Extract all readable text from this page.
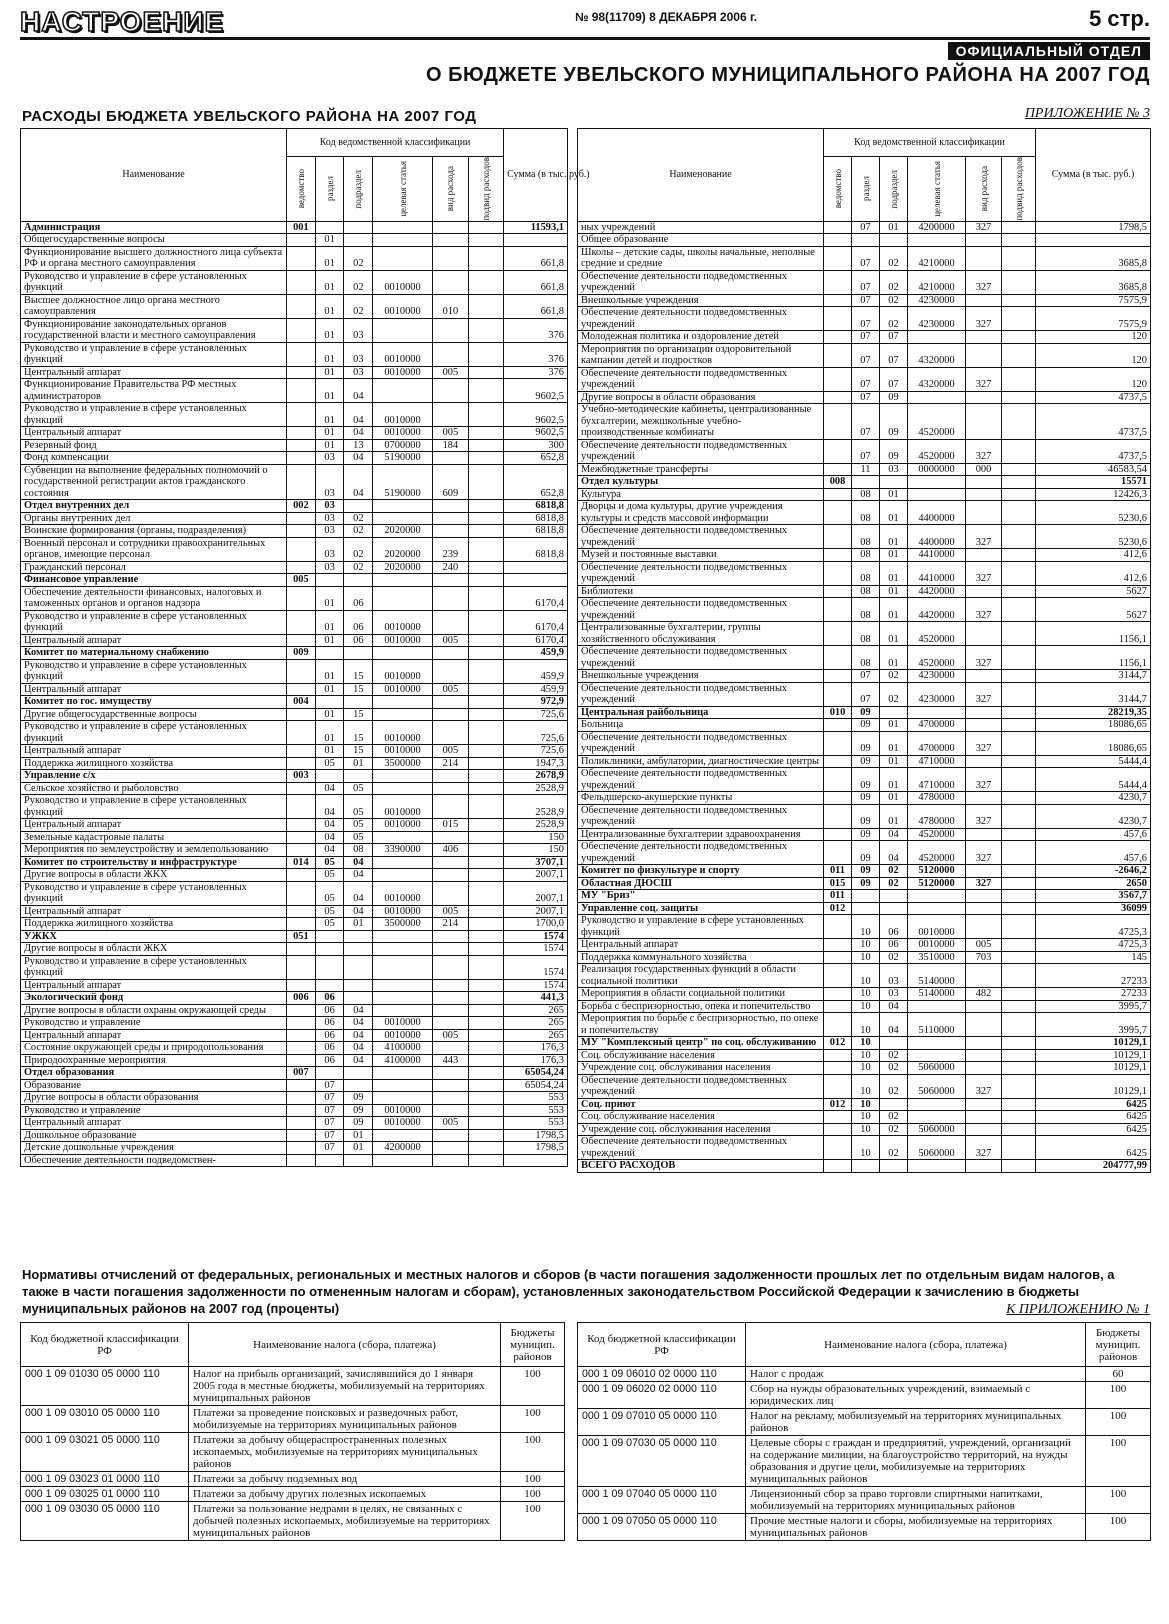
НАСТРОЕНИЕ	№ 98(11709) 8 ДЕКАБРЯ 2006 г.	5 стр.
ОФИЦИАЛЬНЫЙ ОТДЕЛ
О БЮДЖЕТЕ УВЕЛЬСКОГО МУНИЦИПАЛЬНОГО РАЙОНА НА 2007 ГОД
РАСХОДЫ БЮДЖЕТА УВЕЛЬСКОГО РАЙОНА НА 2007 ГОД	ПРИЛОЖЕНИЕ № 3
Наименование	Код ведомственной классификации						Сумма (в тыс. руб.)

	ведомство	раздел	подраздел	целевая статья	вид расхода	подвид расходов	

Администрация	001						11593,1
Общегосударственные вопросы		01					
Функционирование высшего должностного лица субъекта РФ и органа местного самоуправления		01	02				661,8
Руководство и управление в сфере установленных функций		01	02	0010000			661,8
Высшее должностное лицо органа местного самоуправления		01	02	0010000	010		661,8
Функционирование законодательных органов государственной власти и местного самоуправления		01	03				376
Руководство и управление в сфере установленных функций		01	03	0010000			376
Центральный аппарат		01	03	0010000	005		376
Функционирование Правительства РФ местных администраторов		01	04				9602,5
Руководство и управление в сфере установленных функций		01	04	0010000			9602,5
Центральный аппарат		01	04	0010000	005		9602,5
Резервный фонд		01	13	0700000	184		300
Фонд компенсации		03	04	5190000			652,8
Субвенции на выполнение федеральных полномочий о государственной регистрации актов гражданского состояния		03	04	5190000	609		652,8
Отдел внутренних дел	002	03					6818,8
Органы внутренних дел		03	02				6818,8
Воинские формирования (органы, подразделения)		03	02	2020000			6818,8
Военный персонал и сотрудники правоохранительных органов, имеющие персонал		03	02	2020000	239		6818,8
Гражданский персонал		03	02	2020000	240		
Финансовое управление	005						
Обеспечение деятельности финансовых, налоговых и таможенных органов и органов надзора		01	06				6170,4
Руководство и управление в сфере установленных функций		01	06	0010000			6170,4
Центральный аппарат		01	06	0010000	005		6170,4
Комитет по материальному снабжению	009						459,9
Руководство и управление в сфере установленных функций		01	15	0010000			459,9
Центральный аппарат		01	15	0010000	005		459,9
Комитет по гос. имуществу	004						972,9
Другие общегосударственные вопросы		01	15				725,6
Руководство и управление в сфере установленных функций		01	15	0010000			725,6
Центральный аппарат		01	15	0010000	005		725,6
Поддержка жилищного хозяйства		05	01	3500000	214		1947,3
Управление с/х	003						2678,9
Сельское хозяйство и рыболовство		04	05				2528,9
Руководство и управление в сфере установленных функций		04	05	0010000			2528,9
Центральный аппарат		04	05	0010000	015		2528,9
Земельные кадастровые палаты		04	05				150
Мероприятия по землеустройству и землепользованию		04	08	3390000	406		150
Комитет по строительству и инфраструктуре	014	05	04				3707,1
Другие вопросы в области ЖКХ		05	04				2007,1
Руководство и управление в сфере установленных функций		05	04	0010000			2007,1
Центральный аппарат		05	04	0010000	005		2007,1
Поддержка жилищного хозяйства		05	01	3500000	214		1700,0
УЖКХ	051						1574
Другие вопросы в области ЖКХ							1574
Руководство и управление в сфере установленных функций							1574
Центральный аппарат							1574
Экологический фонд	006	06					441,3
Другие вопросы в области охраны окружающей среды		06	04				265
Руководство и управление		06	04	0010000			265
Центральный аппарат		06	04	0010000	005		265
Состояние окружающей среды и природопользования		06	04	4100000			176,3
Природоохранные мероприятия		06	04	4100000	443		176,3
Отдел образования	007						65054,24
Образование		07					65054,24
Другие вопросы в области образования		07	09				553
Руководство и управление		07	09	0010000			553
Центральный аппарат		07	09	0010000	005		553
Дошкольное образование		07	01				1798,5
Детские дошкольные учреждения		07	01	4200000			1798,5
Обеспечение деятельности подведомствен-							
Наименование	Код ведомственной классификации						Сумма (в тыс. руб.)

	ведомство	раздел	подраздел	целевая статья	вид расхода	подвид расходов	

ных учреждений		07	01	4200000	327		1798,5
Общее образование							
Школы – детские сады, школы начальные, неполные средние и средние		07	02	4210000			3685,8
Обеспечение деятельности подведомственных учреждений		07	02	4210000	327		3685,8
Внешкольные учреждения		07	02	4230000			7575,9
Обеспечение деятельности подведомственных учреждений		07	02	4230000	327		7575,9
Молодежная политика и оздоровление детей		07	07				120
Мероприятия по организации оздоровительной кампании детей и подростков		07	07	4320000			120
Обеспечение деятельности подведомственных учреждений		07	07	4320000	327		120
Другие вопросы в области образования		07	09				4737,5
Учебно-методические кабинеты, централизованные бухгалтерии, межшкольные учебно-производственные комбинаты		07	09	4520000			4737,5
Обеспечение деятельности подведомственных учреждений		07	09	4520000	327		4737,5
Межбюджетные трансферты		11	03	0000000	000		46583,54
Отдел культуры	008						15571
Культура		08	01				12426,3
Дворцы и дома культуры, другие учреждения культуры и средств массовой информации		08	01	4400000			5230,6
Обеспечение деятельности подведомственных учреждений		08	01	4400000	327		5230,6
Музей и постоянные выставки		08	01	4410000			412,6
Обеспечение деятельности подведомственных учреждений		08	01	4410000	327		412,6
Библиотеки		08	01	4420000			5627
Обеспечение деятельности подведомственных учреждений		08	01	4420000	327		5627
Централизованные бухгалтерии, группы хозяйственного обслуживания		08	01	4520000			1156,1
Обеспечение деятельности подведомственных учреждений		08	01	4520000	327		1156,1
Внешкольные учреждения		07	02	4230000			3144,7
Обеспечение деятельности подведомственных учреждений		07	02	4230000	327		3144,7
Центральная райбольница	010	09					28219,35
Больница		09	01	4700000			18086,65
Обеспечение деятельности подведомственных учреждений		09	01	4700000	327		18086,65
Поликлиники, амбулатории, диагностические центры		09	01	4710000			5444,4
Обеспечение деятельности подведомственных учреждений		09	01	4710000	327		5444,4
Фельдшерско-акушерские пункты		09	01	4780000			4230,7
Обеспечение деятельности подведомственных учреждений		09	01	4780000	327		4230,7
Централизованные бухгалтерии здравоохранения		09	04	4520000			457,6
Обеспечение деятельности подведомственных учреждений		09	04	4520000	327		457,6
Комитет по физкультуре и спорту	011	09	02	5120000			-2646,2
Областная ДЮСШ	015	09	02	5120000	327		2650
МУ "Бриз"	011						3567,7
Управление соц. защиты	012						36099
Руководство и управление в сфере установленных функций		10	06	0010000			4725,3
Центральный аппарат		10	06	0010000	005		4725,3
Поддержка коммунального хозяйства		10	02	3510000	703		145
Реализация государственных функций в области социальной политики		10	03	5140000			27233
Мероприятия в области социальной политики		10	03	5140000	482		27233
Борьба с беспризорностью, опека и попечительство		10	04				3995,7
Мероприятия по борьбе с беспризорностью, по опеке и попечительству		10	04	5110000			3995,7
МУ "Комплексный центр" по соц. обслуживанию	012	10					10129,1
Соц. обслуживание населения		10	02				10129,1
Учреждение соц. обслуживания населения		10	02	5060000			10129,1
Обеспечение деятельности подведомственных учреждений		10	02	5060000	327		10129,1
Соц. приют	012	10					6425
Соц. обслуживание населения		10	02				6425
Учреждение соц. обслуживания населения		10	02	5060000			6425
Обеспечение деятельности подведомственных учреждений		10	02	5060000	327		6425
ВСЕГО РАСХОДОВ							204777,99
Нормативы отчислений от федеральных, региональных и местных налогов и сборов (в части погашения задолженности прошлых лет по отдельным видам налогов, а также в части погашения задолженности по отмененным налогам и сборам), установленных законодательством Российской Федерации к зачислению в бюджеты муниципальных районов на 2007 год (проценты)	К ПРИЛОЖЕНИЮ № 1
Код бюджетной классификации РФ	Наименование налога (сбора, платежа)	Бюджеты муницип. районов
000 1 09 01030 05 0000 110	Налог на прибыль организаций, зачислявшийся до 1 января 2005 года в местные бюджеты, мобилизуемый на территориях муниципальных районов	100
000 1 09 03010 05 0000 110	Платежи за проведение поисковых и разведочных работ, мобилизуемые на территориях муниципальных районов	100
000 1 09 03021 05 0000 110	Платежи за добычу общераспространенных полезных ископаемых, мобилизуемые на территориях муниципальных районов	100
000 1 09 03023 01 0000 110	Платежи за добычу подземных вод	100
000 1 09 03025 01 0000 110	Платежи за добычу других полезных ископаемых	100
000 1 09 03030 05 0000 110	Платежи за пользование недрами в целях, не связанных с добычей полезных ископаемых, мобилизуемые на территориях муниципальных районов	100
Код бюджетной классификации РФ	Наименование налога (сбора, платежа)	Бюджеты муницип. районов
000 1 09 06010 02 0000 110	Налог с продаж	60
000 1 09 06020 02 0000 110	Сбор на нужды образовательных учреждений, взимаемый с юридических лиц	100
000 1 09 07010 05 0000 110	Налог на рекламу, мобилизуемый на территориях муниципальных районов	100
000 1 09 07030 05 0000 110	Целевые сборы с граждан и предприятий, учреждений, организаций на содержание милиции, на благоустройство территорий, на нужды образования и другие цели, мобилизуемые на территориях муниципальных районов	100
000 1 09 07040 05 0000 110	Лицензионный сбор за право торговли спиртными напитками, мобилизуемый на территориях муниципальных районов	100
000 1 09 07050 05 0000 110	Прочие местные налоги и сборы, мобилизуемые на территориях муниципальных районов	100
